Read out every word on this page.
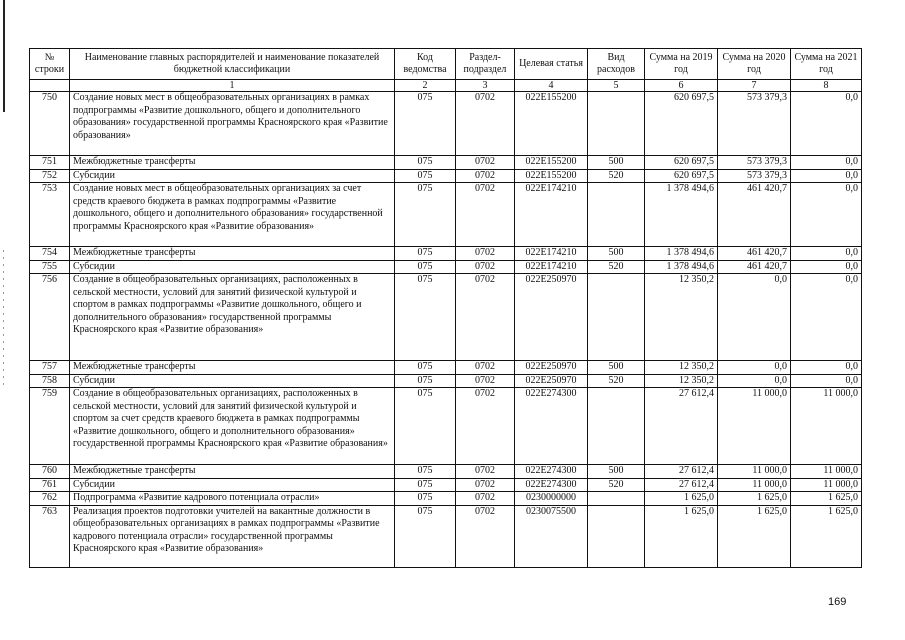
№ строки	Наименование главных распорядителей и наименование показателей бюджетной классификации	Код ведомства	Раздел-подраздел	Целевая статья	Вид расходов	Сумма на 2019 год	Сумма на 2020 год	Сумма на 2021 год
	1	2	3	4	5	6	7	8
750	Создание новых мест в общеобразовательных организациях в рамках подпрограммы «Развитие дошкольного, общего и дополнительного образования» государственной программы Красноярского края «Развитие образования»	075	0702	022E155200		620 697,5	573 379,3	0,0
751	Межбюджетные трансферты	075	0702	022E155200	500	620 697,5	573 379,3	0,0
752	Субсидии	075	0702	022E155200	520	620 697,5	573 379,3	0,0
753	Создание новых мест в общеобразовательных организациях за счет средств краевого бюджета в рамках подпрограммы «Развитие дошкольного, общего и дополнительного образования» государственной программы Красноярского края «Развитие образования»	075	0702	022E174210		1 378 494,6	461 420,7	0,0
754	Межбюджетные трансферты	075	0702	022E174210	500	1 378 494,6	461 420,7	0,0
755	Субсидии	075	0702	022E174210	520	1 378 494,6	461 420,7	0,0
756	Создание в общеобразовательных организациях, расположенных в сельской местности, условий для занятий физической культурой и спортом в рамках подпрограммы «Развитие дошкольного, общего и дополнительного образования» государственной программы Красноярского края «Развитие образования»	075	0702	022E250970		12 350,2	0,0	0,0
757	Межбюджетные трансферты	075	0702	022E250970	500	12 350,2	0,0	0,0
758	Субсидии	075	0702	022E250970	520	12 350,2	0,0	0,0
759	Создание в общеобразовательных организациях, расположенных в сельской местности, условий для занятий физической культурой и спортом за счет средств краевого бюджета в рамках подпрограммы «Развитие дошкольного, общего и дополнительного образования» государственной программы Красноярского края «Развитие образования»	075	0702	022E274300		27 612,4	11 000,0	11 000,0
760	Межбюджетные трансферты	075	0702	022E274300	500	27 612,4	11 000,0	11 000,0
761	Субсидии	075	0702	022E274300	520	27 612,4	11 000,0	11 000,0
762	Подпрограмма «Развитие кадрового потенциала отрасли»	075	0702	0230000000		1 625,0	1 625,0	1 625,0
763	Реализация проектов подготовки учителей на вакантные должности в общеобразовательных организациях в рамках подпрограммы «Развитие кадрового потенциала отрасли» государственной программы Красноярского края «Развитие образования»	075	0702	0230075500		1 625,0	1 625,0	1 625,0
169
